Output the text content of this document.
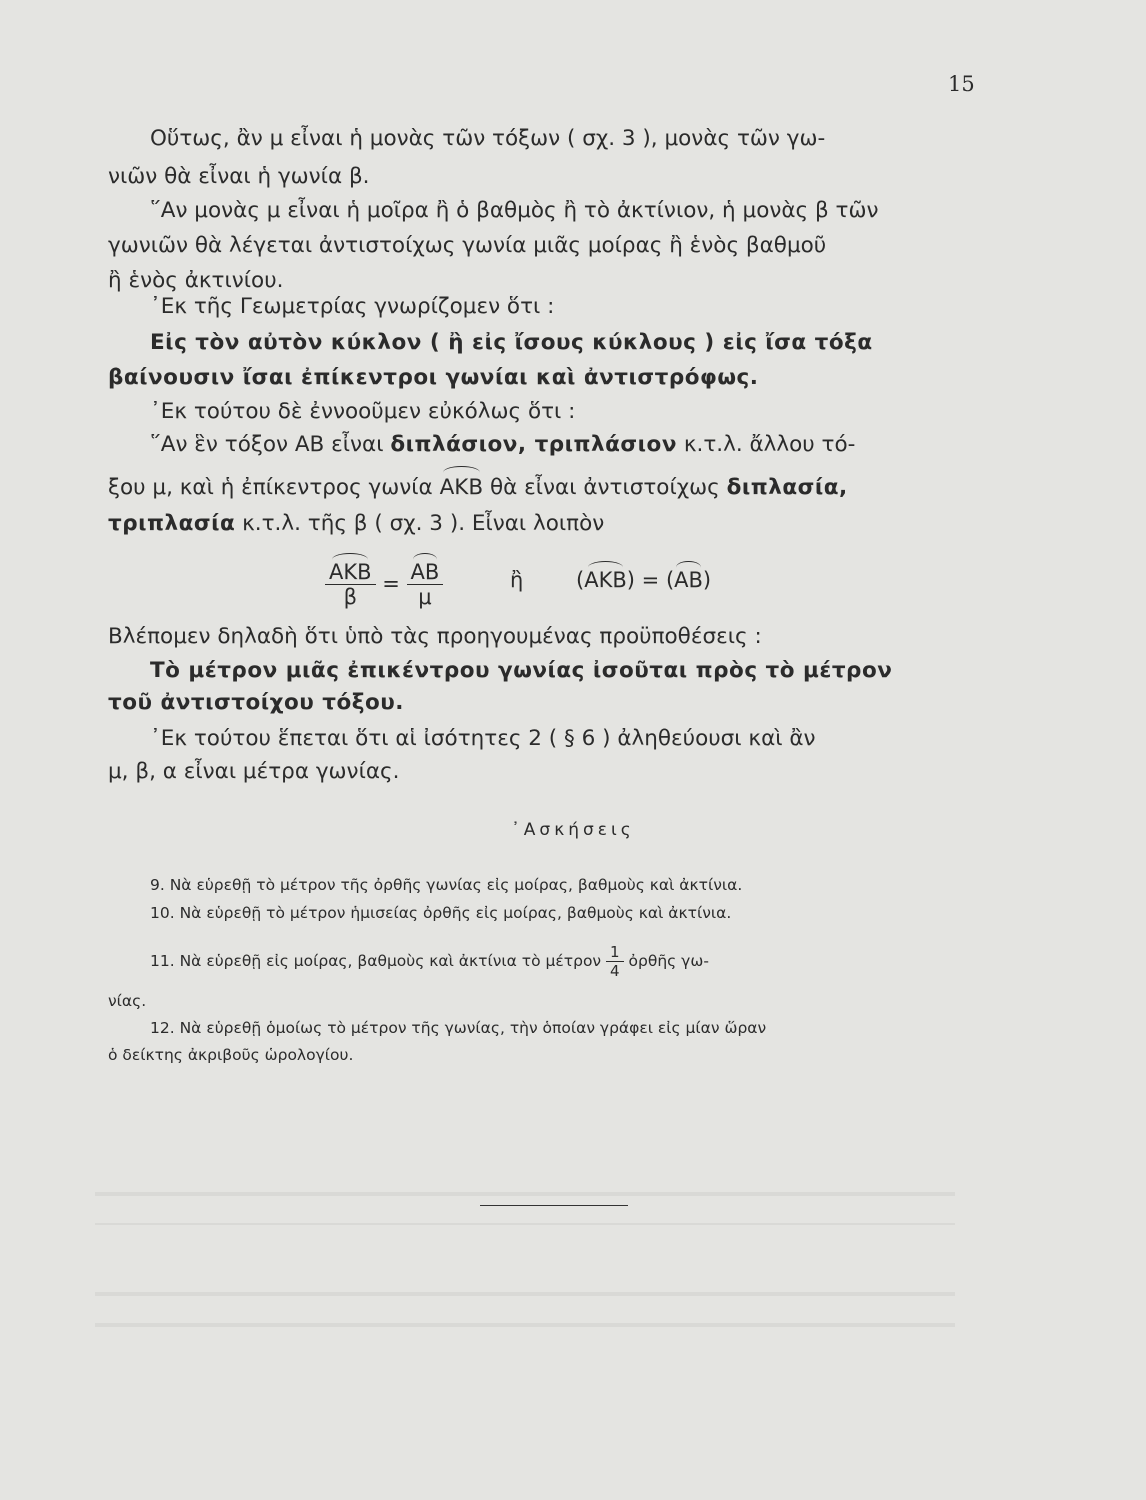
15
Οὕτως, ἂν μ εἶναι ἡ μονὰς τῶν τόξων ( σχ. 3 ), μονὰς τῶν γω-
νιῶν θὰ εἶναι ἡ γωνία β.
῞Αν μονὰς μ εἶναι ἡ μοῖρα ἢ ὁ βαθμὸς ἢ τὸ ἀκτίνιον, ἡ μονὰς β τῶν
γωνιῶν θὰ λέγεται ἀντιστοίχως γωνία μιᾶς μοίρας ἢ ἑνὸς βαθμοῦ
ἢ ἑνὸς ἀκτινίου.
᾿Εκ τῆς Γεωμετρίας γνωρίζομεν ὅτι :
Εἰς τὸν αὐτὸν κύκλον ( ἢ εἰς ἴσους κύκλους ) εἰς ἴσα τόξα
βαίνουσιν ἴσαι ἐπίκεντροι γωνίαι καὶ ἀντιστρόφως.
᾿Εκ τούτου δὲ ἐννοοῦμεν εὐκόλως ὅτι :
῞Αν ἓν τόξον ΑΒ εἶναι διπλάσιον, τριπλάσιον κ.τ.λ. ἄλλου τό-
ξου μ, καὶ ἡ ἐπίκεντρος γωνία ΑΚΒ θὰ εἶναι ἀντιστοίχως διπλασία,
τριπλασία κ.τ.λ. τῆς β ( σχ. 3 ). Εἶναι λοιπὸν
$\frac{\text{ΑΚΒ}}{\beta} = \frac{AB}{\mu}$	ἢ	(ΑΚΒ) = (ΑΒ)
Βλέπομεν δηλαδὴ ὅτι ὑπὸ τὰς προηγουμένας προϋποθέσεις :
Τὸ μέτρον μιᾶς ἐπικέντρου γωνίας ἰσοῦται πρὸς τὸ μέτρον
τοῦ ἀντιστοίχου τόξου.
᾿Εκ τούτου ἕπεται ὅτι αἱ ἰσότητες 2 ( § 6 ) ἀληθεύουσι καὶ ἂν
μ, β, α εἶναι μέτρα γωνίας.
᾿Ασκήσεις
9. Νὰ εὑρεθῇ τὸ μέτρον τῆς ὀρθῆς γωνίας εἰς μοίρας, βαθμοὺς καὶ ἀκτίνια.
10. Νὰ εὑρεθῇ τὸ μέτρον ἡμισείας ὀρθῆς εἰς μοίρας, βαθμοὺς καὶ ἀκτίνια.
11. Νὰ εὑρεθῇ εἰς μοίρας, βαθμοὺς καὶ ἀκτίνια τὸ μέτρον $\frac{1}{4}$ ὀρθῆς γω-
νίας.
12. Νὰ εὑρεθῇ ὁμοίως τὸ μέτρον τῆς γωνίας, τὴν ὁποίαν γράφει εἰς μίαν ὥραν
ὁ δείκτης ἀκριβοῦς ὡρολογίου.
